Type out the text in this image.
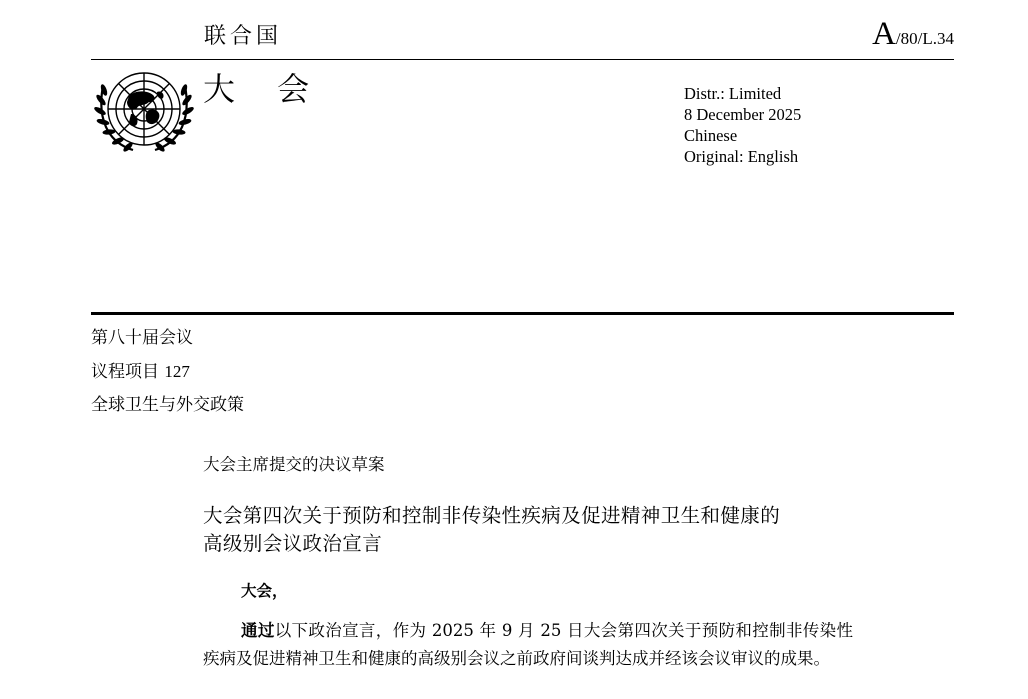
联合国	A/80/L.34
大 会	Distr.: Limited
8 December 2025
Chinese
Original: English
第八十届会议
议程项目 127
全球卫生与外交政策
大会主席提交的决议草案
大会第四次关于预防和控制非传染性疾病及促进精神卫生和健康的
高级别会议政治宣言
大会，
通过以下政治宣言，作为 2025 年 9 月 25 日大会第四次关于预防和控制非传染性疾病及促进精神卫生和健康的高级别会议之前政府间谈判达成并经该会议审议的成果。
